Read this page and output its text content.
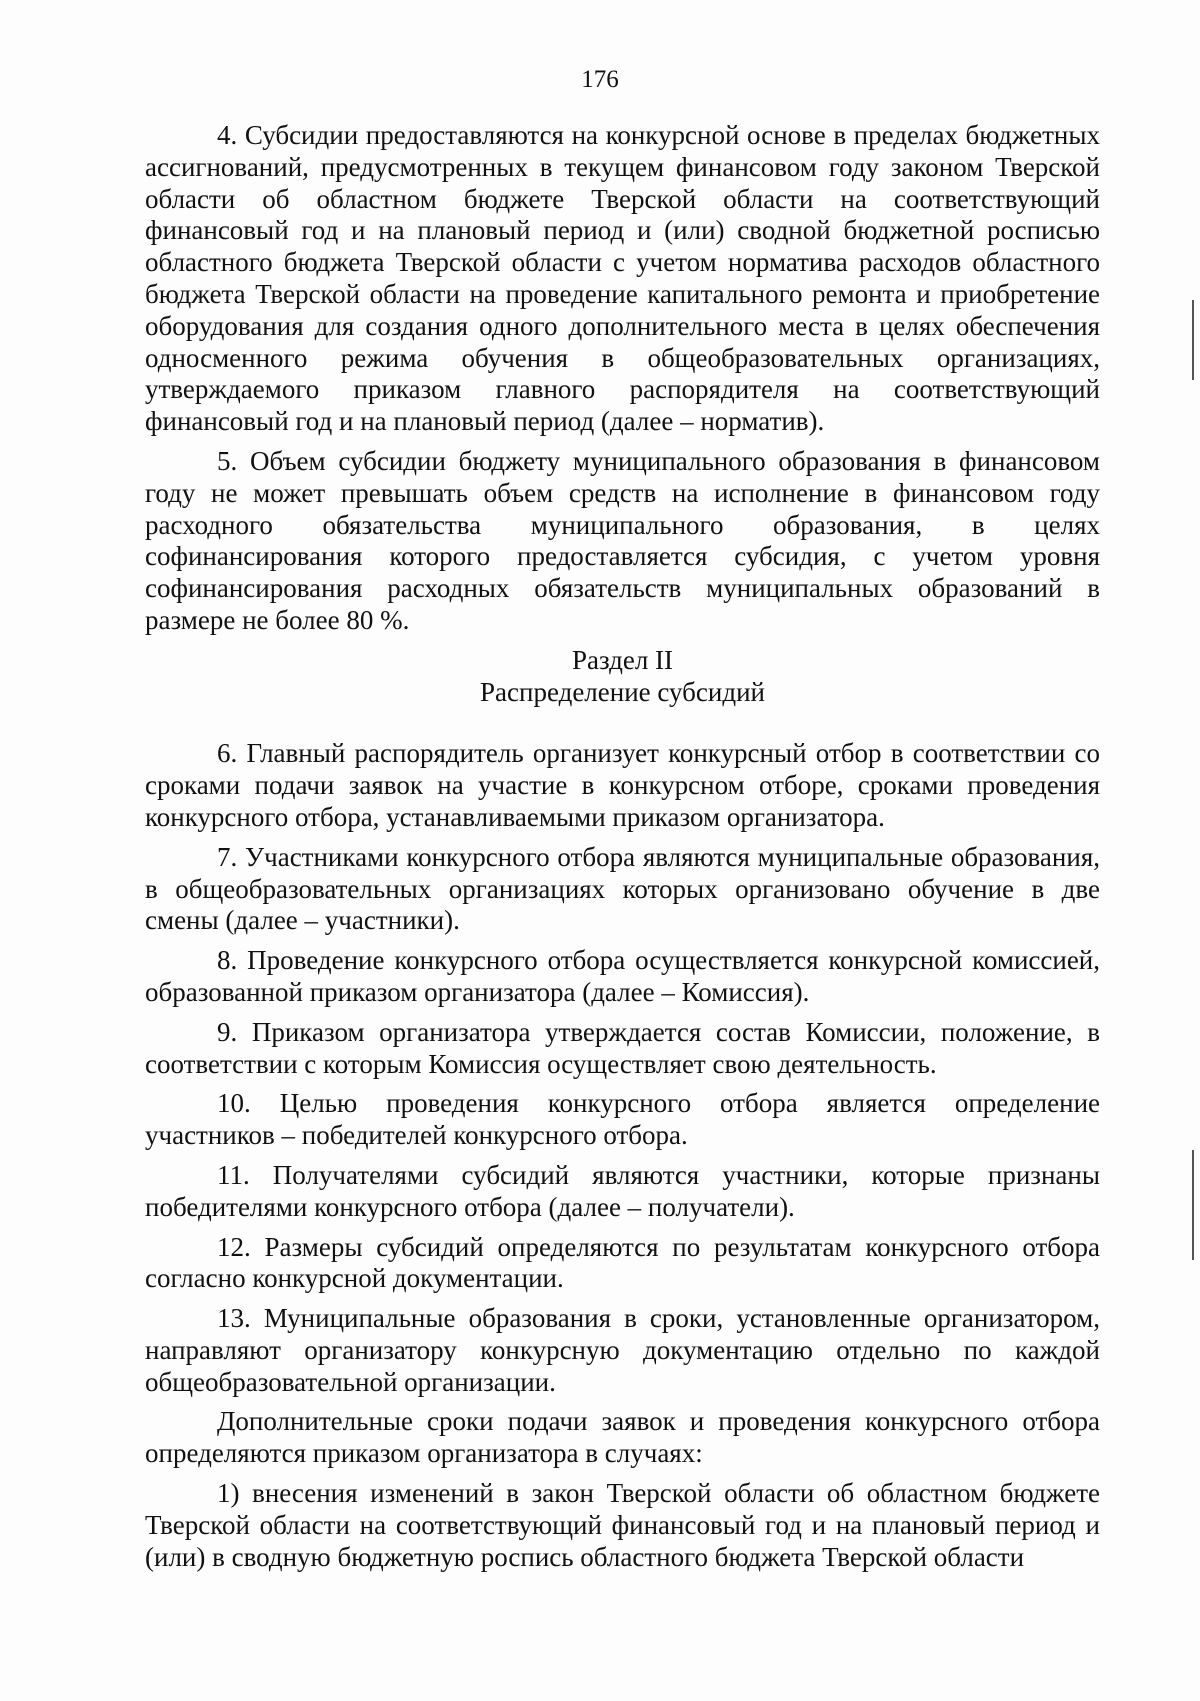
176

4. Субсидии предоставляются на конкурсной основе в пределах бюджетных ассигнований, предусмотренных в текущем финансовом году законом Тверской области об областном бюджете Тверской области на соответствующий финансовый год и на плановый период и (или) сводной бюджетной росписью областного бюджета Тверской области с учетом норматива расходов областного бюджета Тверской области на проведение капитального ремонта и приобретение оборудования для создания одного дополнительного места в целях обеспечения односменного режима обучения в общеобразовательных организациях, утверждаемого приказом главного распорядителя на соответствующий финансовый год и на плановый период (далее – норматив).

5. Объем субсидии бюджету муниципального образования в финансовом году не может превышать объем средств на исполнение в финансовом году расходного обязательства муниципального образования, в целях софинансирования которого предоставляется субсидия, с учетом уровня софинансирования расходных обязательств муниципальных образований в размере не более 80 %.

Раздел II
Распределение субсидий

6. Главный распорядитель организует конкурсный отбор в соответствии со сроками подачи заявок на участие в конкурсном отборе, сроками проведения конкурсного отбора, устанавливаемыми приказом организатора.

7. Участниками конкурсного отбора являются муниципальные образования, в общеобразовательных организациях которых организовано обучение в две смены (далее – участники).

8. Проведение конкурсного отбора осуществляется конкурсной комиссией, образованной приказом организатора (далее – Комиссия).

9. Приказом организатора утверждается состав Комиссии, положение, в соответствии с которым Комиссия осуществляет свою деятельность.

10. Целью проведения конкурсного отбора является определение участников – победителей конкурсного отбора.

11. Получателями субсидий являются участники, которые признаны победителями конкурсного отбора (далее – получатели).

12. Размеры субсидий определяются по результатам конкурсного отбора согласно конкурсной документации.

13. Муниципальные образования в сроки, установленные организатором, направляют организатору конкурсную документацию отдельно по каждой общеобразовательной организации.

Дополнительные сроки подачи заявок и проведения конкурсного отбора определяются приказом организатора в случаях:

1) внесения изменений в закон Тверской области об областном бюджете Тверской области на соответствующий финансовый год и на плановый период и (или) в сводную бюджетную роспись областного бюджета Тверской области
